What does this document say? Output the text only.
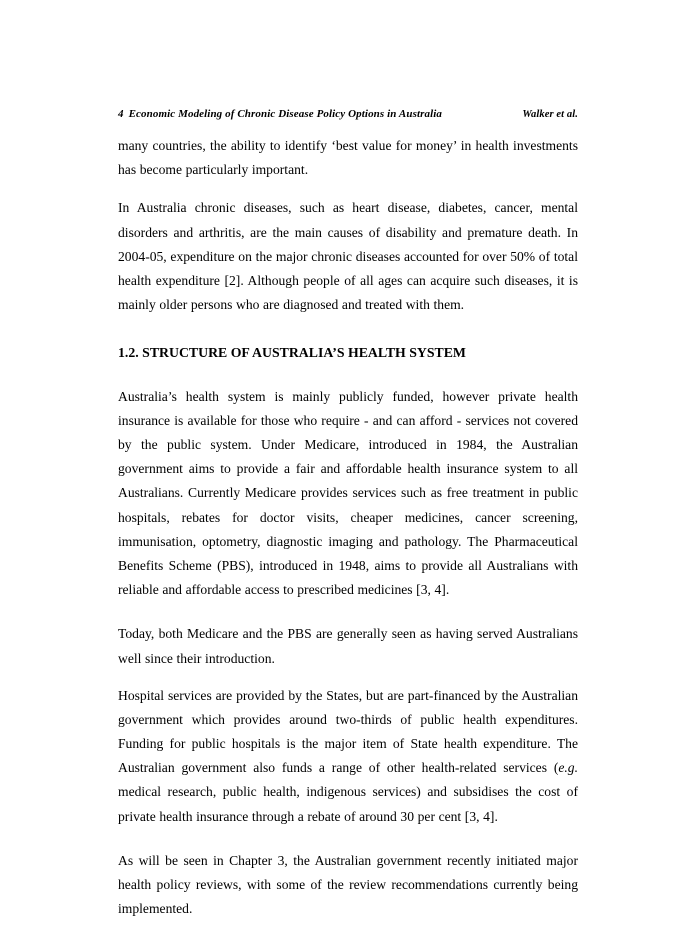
4 Economic Modeling of Chronic Disease Policy Options in Australia	Walker et al.

many countries, the ability to identify ‘best value for money’ in health investments has become particularly important.

In Australia chronic diseases, such as heart disease, diabetes, cancer, mental disorders and arthritis, are the main causes of disability and premature death. In 2004-05, expenditure on the major chronic diseases accounted for over 50% of total health expenditure [2]. Although people of all ages can acquire such diseases, it is mainly older persons who are diagnosed and treated with them.

1.2. STRUCTURE OF AUSTRALIA’S HEALTH SYSTEM

Australia’s health system is mainly publicly funded, however private health insurance is available for those who require - and can afford - services not covered by the public system. Under Medicare, introduced in 1984, the Australian government aims to provide a fair and affordable health insurance system to all Australians. Currently Medicare provides services such as free treatment in public hospitals, rebates for doctor visits, cheaper medicines, cancer screening, immunisation, optometry, diagnostic imaging and pathology. The Pharmaceutical Benefits Scheme (PBS), introduced in 1948, aims to provide all Australians with reliable and affordable access to prescribed medicines [3, 4].

Today, both Medicare and the PBS are generally seen as having served Australians well since their introduction.

Hospital services are provided by the States, but are part-financed by the Australian government which provides around two-thirds of public health expenditures. Funding for public hospitals is the major item of State health expenditure. The Australian government also funds a range of other health-related services (e.g. medical research, public health, indigenous services) and subsidises the cost of private health insurance through a rebate of around 30 per cent [3, 4].

As will be seen in Chapter 3, the Australian government recently initiated major health policy reviews, with some of the review recommendations currently being implemented.
